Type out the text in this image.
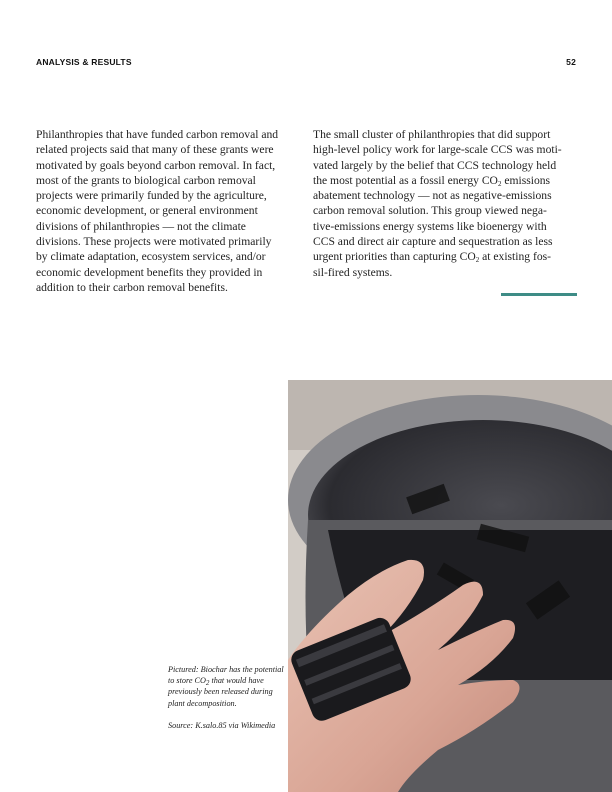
ANALYSIS & RESULTS	52
Philanthropies that have funded carbon removal and
related projects said that many of these grants were
motivated by goals beyond carbon removal. In fact,
most of the grants to biological carbon removal
projects were primarily funded by the agriculture,
economic development, or general environment
divisions of philanthropies — not the climate
divisions. These projects were motivated primarily
by climate adaptation, ecosystem services, and/or
economic development benefits they provided in
addition to their carbon removal benefits.
The small cluster of philanthropies that did support
high-level policy work for large-scale CCS was moti-
vated largely by the belief that CCS technology held
the most potential as a fossil energy $CO_2$ emissions
abatement technology — not as negative-emissions
carbon removal solution. This group viewed nega-
tive-emissions energy systems like bioenergy with
CCS and direct air capture and sequestration as less
urgent priorities than capturing $CO_2$ at existing fos-
sil-fired systems.
Pictured: Biochar has the potential
to store $CO_2$ that would have
previously been released during
plant decomposition.
Source: K.salo.85 via Wikimedia
